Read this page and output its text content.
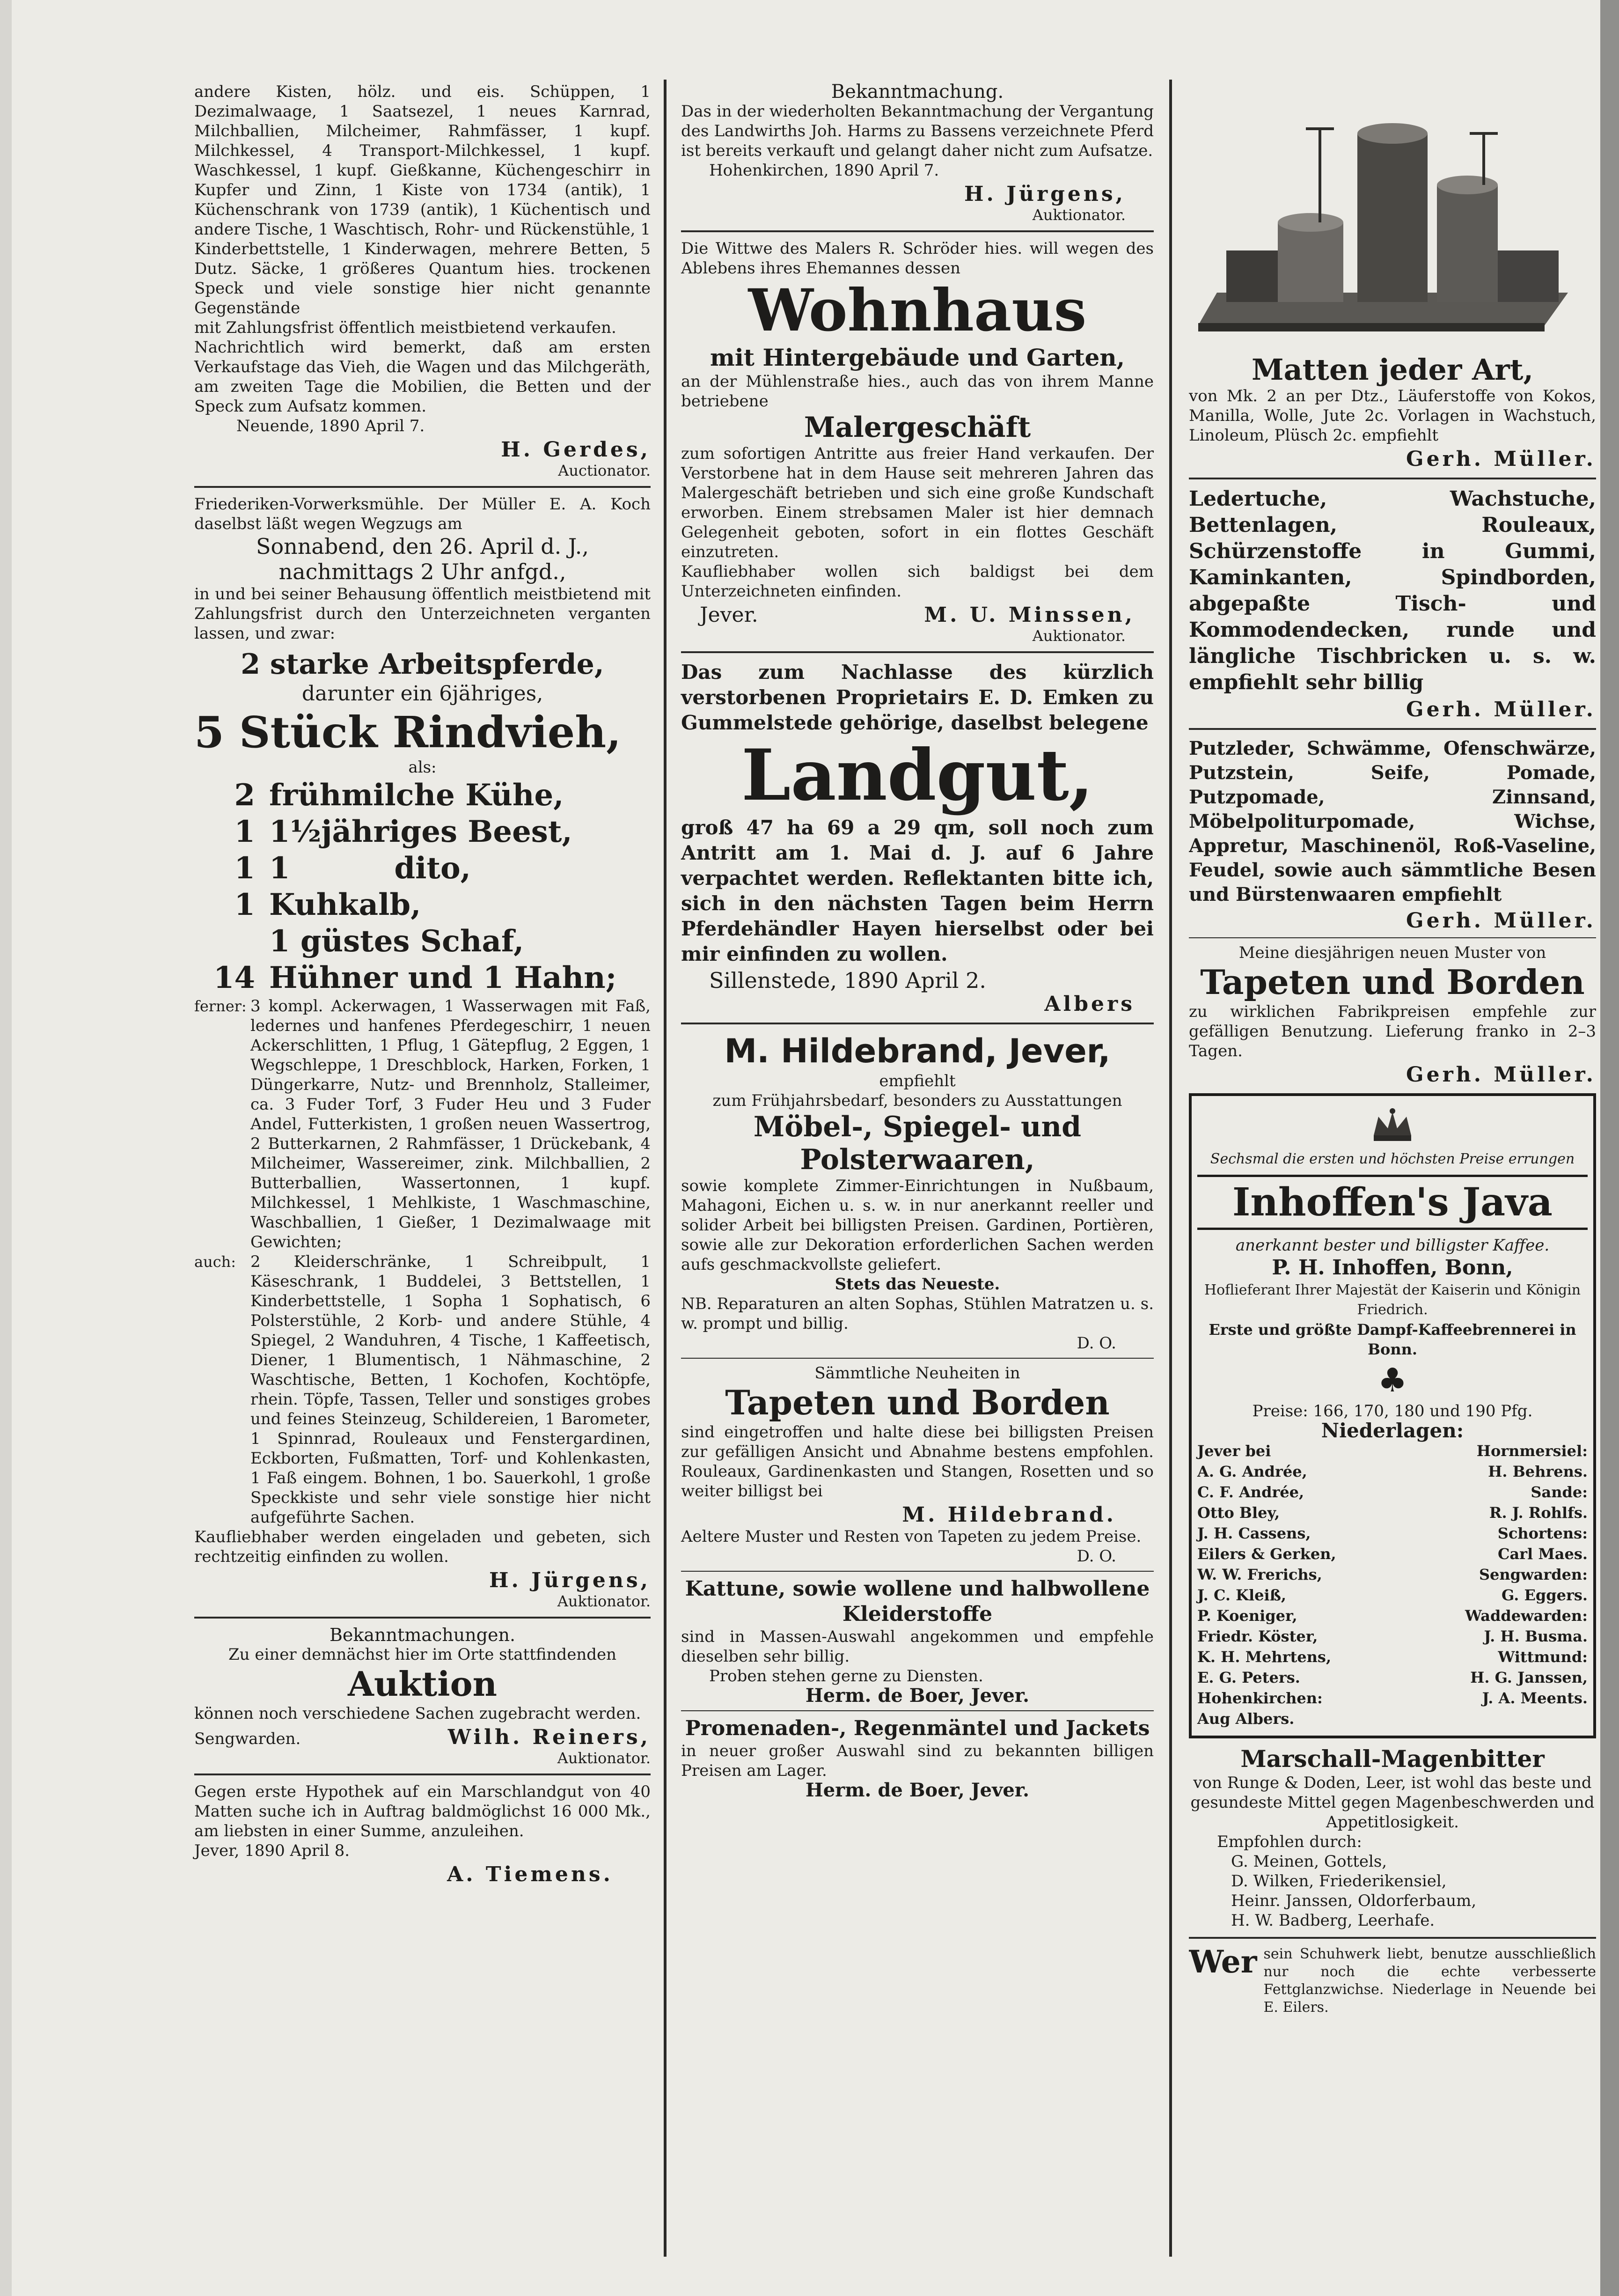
andere Kisten, hölz. und eis. Schüppen, 1 Dezimalwaage, 1 Saatsezel, 1 neues Karnrad, Milchballien, Milcheimer, Rahmfässer, 1 kupf. Milchkessel, 4 Transport-Milchkessel, 1 kupf. Waschkessel, 1 kupf. Gießkanne, Küchengeschirr in Kupfer und Zinn, 1 Kiste von 1734 (antik), 1 Küchenschrank von 1739 (antik), 1 Küchentisch und andere Tische, 1 Waschtisch, Rohr- und Rückenstühle, 1 Kinderbettstelle, 1 Kinderwagen, mehrere Betten, 5 Dutz. Säcke, 1 größeres Quantum hies. trockenen Speck und viele sonstige hier nicht genannte Gegenstände

mit Zahlungsfrist öffentlich meistbietend verkaufen.

Nachrichtlich wird bemerkt, daß am ersten Verkaufstage das Vieh, die Wagen und das Milchgeräth, am zweiten Tage die Mobilien, die Betten und der Speck zum Aufsatz kommen.

Neuende, 1890 April 7.

H. Gerdes,

Auctionator.

Friederiken-Vorwerksmühle. Der Müller E. A. Koch daselbst läßt wegen Wegzugs am

Sonnabend, den 26. April d. J.,

nachmittags 2 Uhr anfgd.,

in und bei seiner Behausung öffentlich meistbietend mit Zahlungsfrist durch den Unterzeichneten verganten lassen, und zwar:

2 starke Arbeitspferde,

darunter ein 6jähriges,

5 Stück Rindvieh,

als:

2 frühmilche Kühe,
1 1½jähriges Beest,
1 1          dito,
1 Kuhkalb,
1 güstes Schaf,
14 Hühner und 1 Hahn;
ferner: 3 kompl. Ackerwagen, 1 Wasserwagen mit Faß, ledernes und hanfenes Pferdegeschirr, 1 neuen Ackerschlitten, 1 Pflug, 1 Gätepflug, 2 Eggen, 1 Wegschleppe, 1 Dreschblock, Harken, Forken, 1 Düngerkarre, Nutz- und Brennholz, Stalleimer, ca. 3 Fuder Torf, 3 Fuder Heu und 3 Fuder Andel, Futterkisten, 1 großen neuen Wassertrog, 2 Butterkarnen, 2 Rahmfässer, 1 Drückebank, 4 Milcheimer, Wassereimer, zink. Milchballien, 2 Butterballien, Wassertonnen, 1 kupf. Milchkessel, 1 Mehlkiste, 1 Waschmaschine, Waschballien, 1 Gießer, 1 Dezimalwaage mit Gewichten;

auch: 2 Kleiderschränke, 1 Schreibpult, 1 Käseschrank, 1 Buddelei, 3 Bettstellen, 1 Kinderbettstelle, 1 Sopha 1 Sophatisch, 6 Polsterstühle, 2 Korb- und andere Stühle, 4 Spiegel, 2 Wanduhren, 4 Tische, 1 Kaffeetisch, Diener, 1 Blumentisch, 1 Nähmaschine, 2 Waschtische, Betten, 1 Kochofen, Kochtöpfe, rhein. Töpfe, Tassen, Teller und sonstiges grobes und feines Steinzeug, Schildereien, 1 Barometer, 1 Spinnrad, Rouleaux und Fenstergardinen, Eckborten, Fußmatten, Torf- und Kohlenkasten, 1 Faß eingem. Bohnen, 1 bo. Sauerkohl, 1 große Speckkiste und sehr viele sonstige hier nicht aufgeführte Sachen.

Kaufliebhaber werden eingeladen und gebeten, sich rechtzeitig einfinden zu wollen.

H. Jürgens,

Auktionator.

Bekanntmachungen.

Zu einer demnächst hier im Orte stattfindenden

Auktion

können noch verschiedene Sachen zugebracht werden.

Sengwarden.	Wilh. Reiners,

Auktionator.

Gegen erste Hypothek auf ein Marschlandgut von 40 Matten suche ich in Auftrag baldmöglichst 16 000 Mk., am liebsten in einer Summe, anzuleihen.

Jever, 1890 April 8.

A. Tiemens.

Bekanntmachung.

Das in der wiederholten Bekanntmachung der Vergantung des Landwirths Joh. Harms zu Bassens verzeichnete Pferd ist bereits verkauft und gelangt daher nicht zum Aufsatze.

Hohenkirchen, 1890 April 7.

H. Jürgens,

Auktionator.

Die Wittwe des Malers R. Schröder hies. will wegen des Ablebens ihres Ehemannes dessen

Wohnhaus

mit Hintergebäude und Garten,

an der Mühlenstraße hies., auch das von ihrem Manne betriebene

Malergeschäft

zum sofortigen Antritte aus freier Hand verkaufen. Der Verstorbene hat in dem Hause seit mehreren Jahren das Malergeschäft betrieben und sich eine große Kundschaft erworben. Einem strebsamen Maler ist hier demnach Gelegenheit geboten, sofort in ein flottes Geschäft einzutreten.

Kaufliebhaber wollen sich baldigst bei dem Unterzeichneten einfinden.

Jever.	M. U. Minssen,

Auktionator.

Das zum Nachlasse des kürzlich verstorbenen Proprietairs E. D. Emken zu Gummelstede gehörige, daselbst belegene

Landgut,

groß 47 ha 69 a 29 qm, soll noch zum Antritt am 1. Mai d. J. auf 6 Jahre verpachtet werden. Reflektanten bitte ich, sich in den nächsten Tagen beim Herrn Pferdehändler Hayen hierselbst oder bei mir einfinden zu wollen.

Sillenstede, 1890 April 2.

Albers

M. Hildebrand, Jever,

empfiehlt

zum Frühjahrsbedarf, besonders zu Ausstattungen

Möbel-, Spiegel- und

Polsterwaaren,

sowie komplete Zimmer-Einrichtungen in Nußbaum, Mahagoni, Eichen u. s. w. in nur anerkannt reeller und solider Arbeit bei billigsten Preisen. Gardinen, Portièren, sowie alle zur Dekoration erforderlichen Sachen werden aufs geschmackvollste geliefert.

Stets das Neueste.

NB. Reparaturen an alten Sophas, Stühlen Matratzen u. s. w. prompt und billig.

D. O.

Sämmtliche Neuheiten in

Tapeten und Borden

sind eingetroffen und halte diese bei billigsten Preisen zur gefälligen Ansicht und Abnahme bestens empfohlen. Rouleaux, Gardinenkasten und Stangen, Rosetten und so weiter billigst bei

M. Hildebrand.

Aeltere Muster und Resten von Tapeten zu jedem Preise.

D. O.

Kattune, sowie wollene und halbwollene Kleiderstoffe

sind in Massen-Auswahl angekommen und empfehle dieselben sehr billig.

Proben stehen gerne zu Diensten.

Herm. de Boer, Jever.

Promenaden-, Regenmäntel und Jackets

in neuer großer Auswahl sind zu bekannten billigen Preisen am Lager.

Herm. de Boer, Jever.

Matten jeder Art,

von Mk. 2 an per Dtz., Läuferstoffe von Kokos, Manilla, Wolle, Jute 2c. Vorlagen in Wachstuch, Linoleum, Plüsch 2c. empfiehlt

Gerh. Müller.

Ledertuche, Wachstuche, Bettenlagen, Rouleaux, Schürzenstoffe in Gummi, Kaminkanten, Spindborden, abgepaßte Tisch- und Kommodendecken, runde und längliche Tischbricken u. s. w. empfiehlt sehr billig

Gerh. Müller.

Putzleder, Schwämme, Ofenschwärze, Putzstein, Seife, Pomade, Putzpomade, Zinnsand, Möbelpoliturpomade, Wichse, Appretur, Maschinenöl, Roß-Vaseline, Feudel, sowie auch sämmtliche Besen und Bürstenwaaren empfiehlt

Gerh. Müller.

Meine diesjährigen neuen Muster von

Tapeten und Borden

zu wirklichen Fabrikpreisen empfehle zur gefälligen Benutzung. Lieferung franko in 2–3 Tagen.

Gerh. Müller.

Sechsmal die ersten und höchsten Preise errungen

Inhoffen's Java

anerkannt bester und billigster Kaffee.

P. H. Inhoffen, Bonn,

Hoflieferant Ihrer Majestät der Kaiserin und Königin Friedrich.

Erste und größte Dampf-Kaffeebrennerei in Bonn.

♣

Preise: 166, 170, 180 und 190 Pfg.

Niederlagen:

Jever bei
A. G. Andrée,
C. F. Andrée,
Otto Bley,
J. H. Cassens,
Eilers & Gerken,
W. W. Frerichs,
J. C. Kleiß,
P. Koeniger,
Friedr. Köster,
K. H. Mehrtens,
E. G. Peters.
Hohenkirchen:
Aug Albers.
Hornmersiel:
H. Behrens.
Sande:
R. J. Rohlfs.
Schortens:
Carl Maes.
Sengwarden:
G. Eggers.
Waddewarden:
J. H. Busma.
Wittmund:
H. G. Janssen,
J. A. Meents.

Marschall-Magenbitter

von Runge & Doden, Leer, ist wohl das beste und gesundeste Mittel gegen Magenbeschwerden und Appetitlosigkeit.

Empfohlen durch:

G. Meinen, Gottels,
D. Wilken, Friederikensiel,
Heinr. Janssen, Oldorferbaum,
H. W. Badberg, Leerhafe.
Wer sein Schuhwerk liebt, benutze ausschließlich nur noch die echte verbesserte Fettglanzwichse. Niederlage in Neuende bei E. Eilers.
